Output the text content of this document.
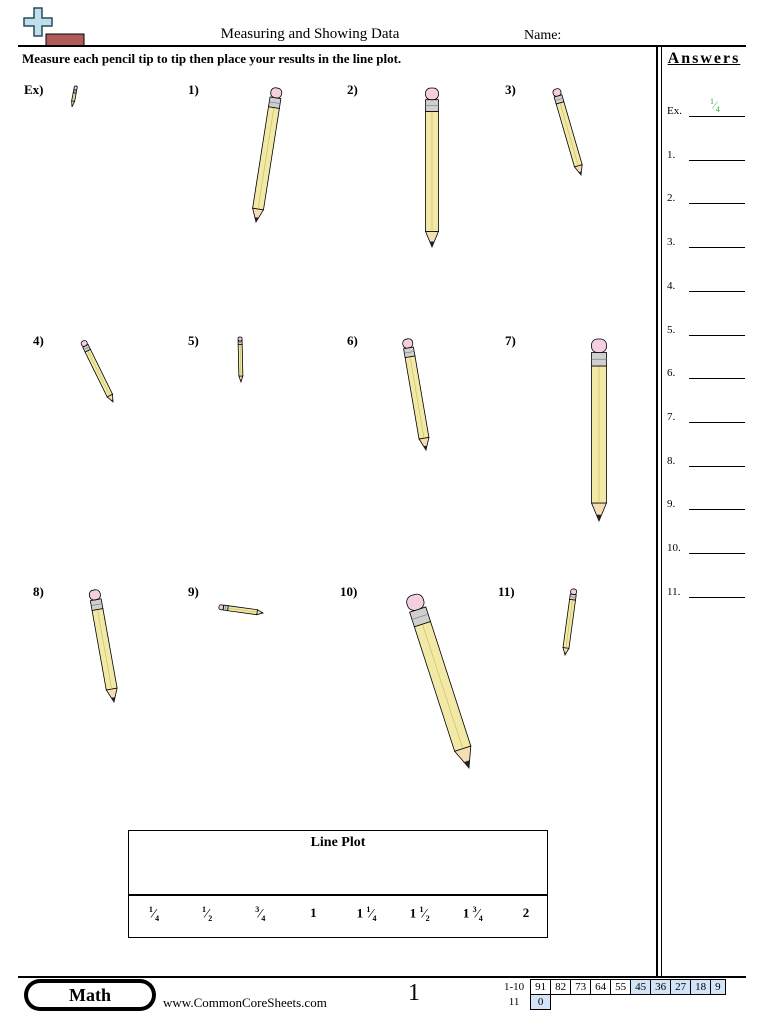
Measuring and Showing Data	Name:
Measure each pencil tip to tip then place your results in the line plot.	Answers
Ex.
$^1⁄_4$
1.
2.
3.
4.
5.
6.
7.
8.
9.
10.
11.
Ex)	1)	2)	3)
4)	5)	6)	7)
8)	9)	10)	11)
Line Plot
$^1⁄_4$
$^1⁄_2$
$^3⁄_4$	1	1 $^1⁄_4$	1 $^1⁄_2$	1 $^3⁄_4$	2
Math	www.CommonCoreSheets.com	1	1-10	91	82	73	64	55	45	36	27	18	9
11	0									
